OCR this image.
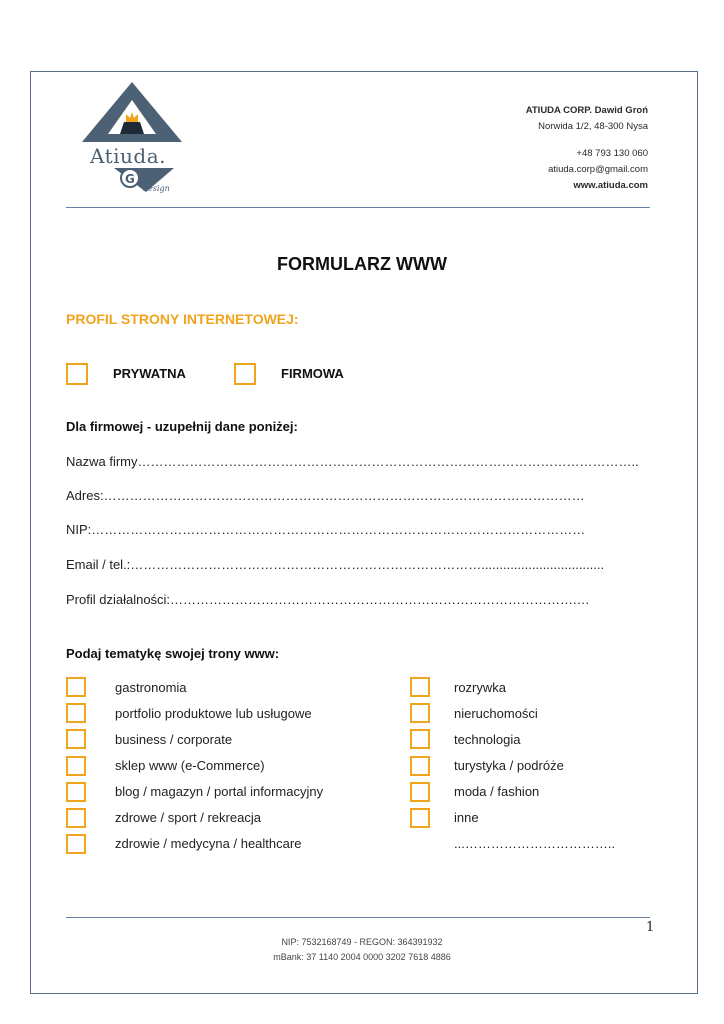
Atiuda.
design
G
ATIUDA CORP. Dawid Groń
Norwida 1/2, 48-300 Nysa
+48 793 130 060
atiuda.corp@gmail.com
www.atiuda.com
FORMULARZ WWW
PROFIL STRONY INTERNETOWEJ:
PRYWATNA	FIRMOWA
Dla firmowej - uzupełnij dane poniżej:
Nazwa firmy……………………………………………………………………………………………………..
Adres:…………………………………………………………………………………………………
NIP:……………………………………………………………………………………………………
Email / tel.:………………………………………………………………………..................................
Profil działalności:………………………………………………………………………………….…
Podaj tematykę swojej trony www:
gastronomia
portfolio produktowe lub usługowe
business / corporate
sklep www (e-Commerce)
blog / magazyn / portal informacyjny
zdrowe / sport / rekreacja
zdrowie / medycyna / healthcare
rozrywka
nieruchomości
technologia
turystyka / podróże
moda / fashion
inne
...……………………………..
1
NIP: 7532168749 - REGON: 364391932
mBank: 37 1140 2004 0000 3202 7618 4886
